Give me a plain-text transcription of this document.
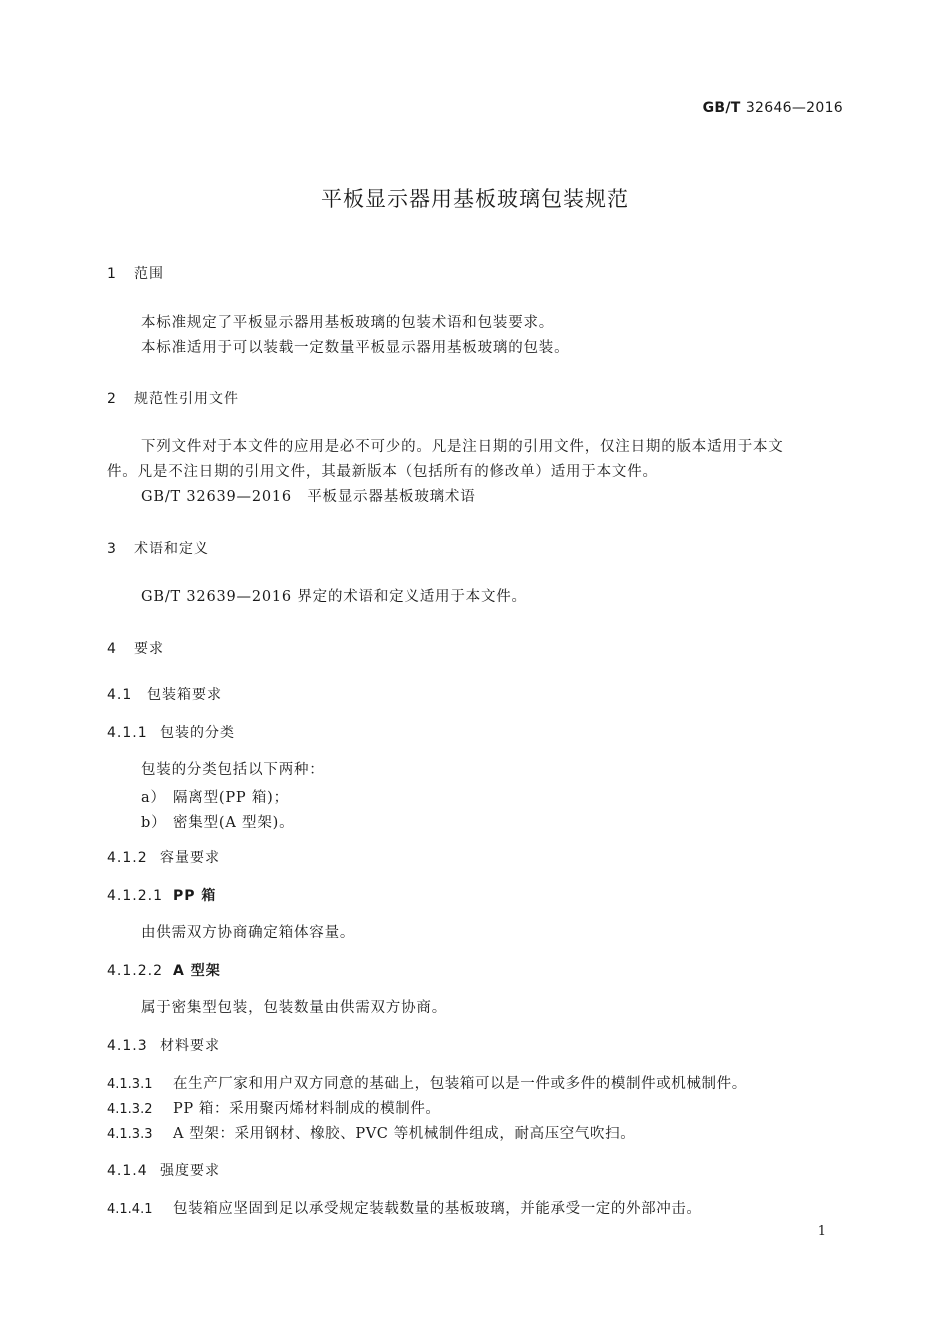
GB/T 32646—2016
平板显示器用基板玻璃包装规范
1 范围
本标准规定了平板显示器用基板玻璃的包装术语和包装要求。
本标准适用于可以装载一定数量平板显示器用基板玻璃的包装。
2 规范性引用文件
下列文件对于本文件的应用是必不可少的。凡是注日期的引用文件，仅注日期的版本适用于本文
件。凡是不注日期的引用文件，其最新版本（包括所有的修改单）适用于本文件。
GB/T 32639—2016　平板显示器基板玻璃术语
3 术语和定义
GB/T 32639—2016 界定的术语和定义适用于本文件。
4 要求
4.1 包装箱要求
4.1.1 包装的分类
包装的分类包括以下两种：
a） 隔离型(PP 箱)；
b） 密集型(A 型架)。
4.1.2 容量要求
4.1.2.1 PP 箱
由供需双方协商确定箱体容量。
4.1.2.2 A 型架
属于密集型包装，包装数量由供需双方协商。
4.1.3 材料要求
4.1.3.1 在生产厂家和用户双方同意的基础上，包装箱可以是一件或多件的模制件或机械制件。
4.1.3.2 PP 箱：采用聚丙烯材料制成的模制件。
4.1.3.3 A 型架：采用钢材、橡胶、PVC 等机械制件组成，耐高压空气吹扫。
4.1.4 强度要求
4.1.4.1 包装箱应坚固到足以承受规定装载数量的基板玻璃，并能承受一定的外部冲击。
1
